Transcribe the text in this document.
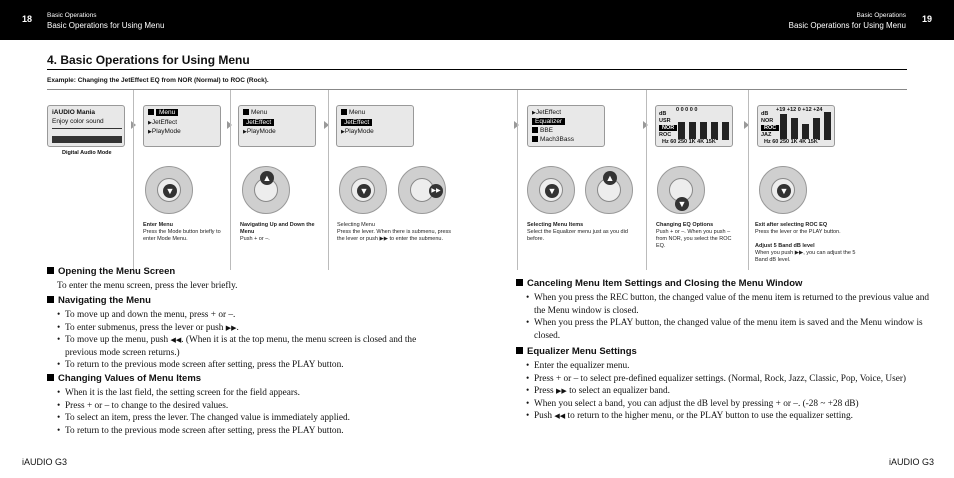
18 Basic Operations
Basic Operations for Using Menu
Basic Operations
Basic Operations for Using Menu
19
4. Basic Operations for Using Menu
Example: Changing the JetEffect EQ from NOR (Normal) to ROC (Rock).
iAUDIO Mania
Enjoy color sound
Digital Audio Mode
Menu
▶JetEffect
▶PlayMode
Menu
JetEffect
▶PlayMode
Menu
JetEffect
▶PlayMode
▶JetEffect
Equalizer
BBE
Mach3Bass
0 0 0 0 0
dB
USR
NOR
ROC
Hz 60 250 1K 4K 15K
+19 +12 0 +12 +24
dB
NOR
ROC
JAZ
Hz 60 250 1K 4K 15K
▼
▲
▼	▶▶	▼
▲
▼
▼
Enter Menu
Press the Mode button briefly to enter Mode Menu.
Navigating Up and Down the Menu
Push + or –.
Selecting Menu
Press the lever. When there is submenu, press the lever or push ▶▶ to enter the submenu.
Selecting Menu Items
Select the Equalizer menu just as you did before.
Changing EQ Options
Push + or –. When you push – from NOR, you select the ROC EQ.
Exit after selecting ROC EQ
Press the lever or the PLAY button.

Adjust 5 Band dB level
When you push ▶▶, you can adjust the 5 Band dB level.
Opening the Menu Screen

To enter the menu screen, press the lever briefly.

Navigating the Menu
• To move up and down the menu, press + or –.
• To enter submenus, press the lever or push ▶▶.
• To move up the menu, push ◀◀. (When it is at the top menu, the menu screen is closed and the previous mode screen returns.)
• To return to the previous mode screen after setting, press the PLAY button.
Changing Values of Menu Items
• When it is the last field, the setting screen for the field appears.
• Press + or – to change to the desired values.
• To select an item, press the lever. The changed value is immediately applied.
• To return to the previous mode screen after setting, press the PLAY button.
Canceling Menu Item Settings and Closing the Menu Window
• When you press the REC button, the changed value of the menu item is returned to the previous value and the Menu window is closed.
• When you press the PLAY button, the changed value of the menu item is saved and the Menu window is closed.
Equalizer Menu Settings
• Enter the equalizer menu.
• Press + or – to select pre-defined equalizer settings. (Normal, Rock, Jazz, Classic, Pop, Voice, User)
• Press ▶▶ to select an equalizer band.
• When you select a band, you can adjust the dB level by pressing + or –. (-28 ~ +28 dB)
• Push ◀◀ to return to the higher menu, or the PLAY button to use the equalizer setting.
iAUDIO G3	iAUDIO G3
